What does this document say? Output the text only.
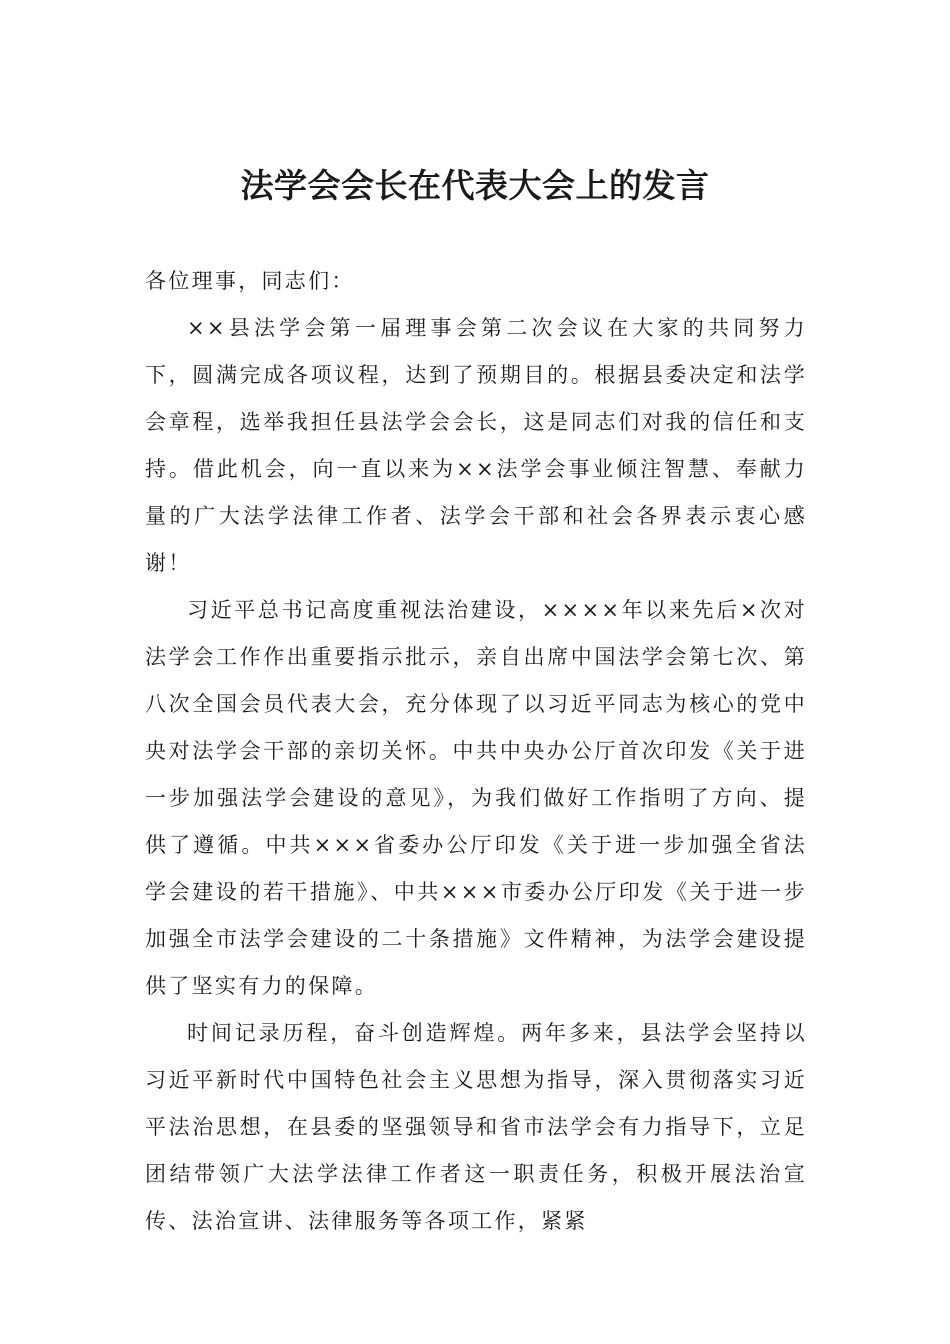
法学会会长在代表大会上的发言

各位理事，同志们：

××县法学会第一届理事会第二次会议在大家的共同努力下，圆满完成各项议程，达到了预期目的。根据县委决定和法学会章程，选举我担任县法学会会长，这是同志们对我的信任和支持。借此机会，向一直以来为××法学会事业倾注智慧、奉献力量的广大法学法律工作者、法学会干部和社会各界表示衷心感谢！

习近平总书记高度重视法治建设，××××年以来先后×次对法学会工作作出重要指示批示，亲自出席中国法学会第七次、第八次全国会员代表大会，充分体现了以习近平同志为核心的党中央对法学会干部的亲切关怀。中共中央办公厅首次印发《关于进一步加强法学会建设的意见》，为我们做好工作指明了方向、提供了遵循。中共×××省委办公厅印发《关于进一步加强全省法学会建设的若干措施》、中共×××市委办公厅印发《关于进一步加强全市法学会建设的二十条措施》文件精神，为法学会建设提供了坚实有力的保障。

时间记录历程，奋斗创造辉煌。两年多来，县法学会坚持以习近平新时代中国特色社会主义思想为指导，深入贯彻落实习近平法治思想，在县委的坚强领导和省市法学会有力指导下，立足团结带领广大法学法律工作者这一职责任务，积极开展法治宣传、法治宣讲、法律服务等各项工作，紧紧
